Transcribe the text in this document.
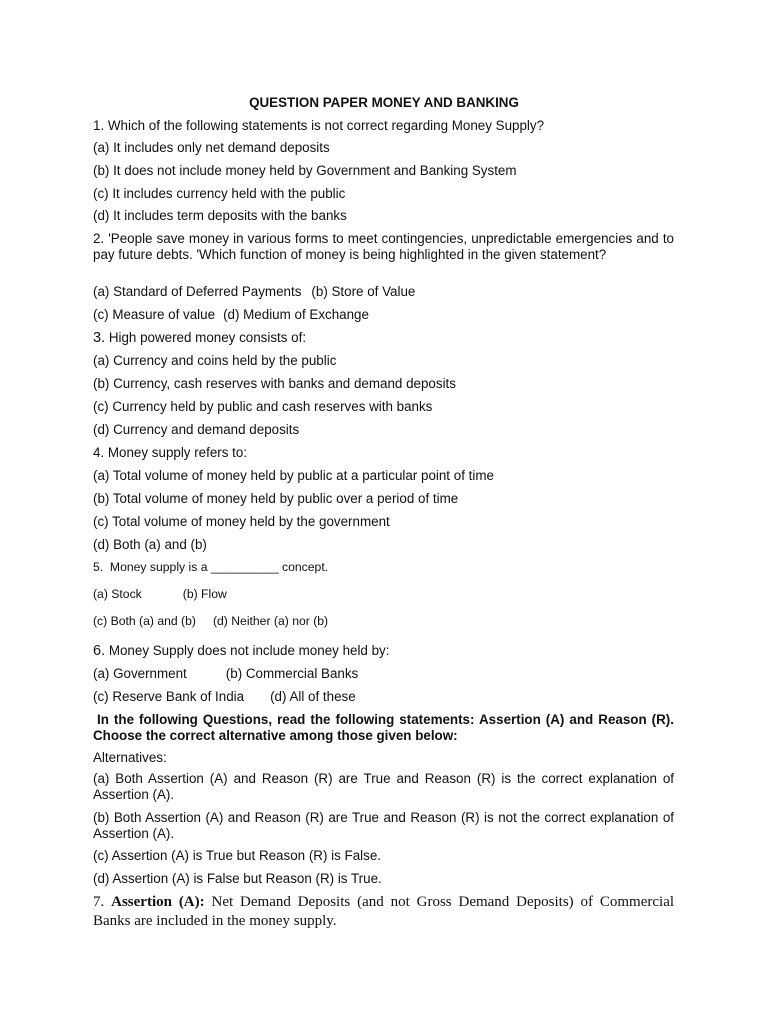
QUESTION PAPER MONEY AND BANKING

1. Which of the following statements is not correct regarding Money Supply?

(a) It includes only net demand deposits

(b) It does not include money held by Government and Banking System

(c) It includes currency held with the public

(d) It includes term deposits with the banks

2. 'People save money in various forms to meet contingencies, unpredictable emergencies and to pay future debts. 'Which function of money is being highlighted in the given statement?

(a) Standard of Deferred Payments (b) Store of Value

(c) Measure of value (d) Medium of Exchange

3. High powered money consists of:

(a) Currency and coins held by the public

(b) Currency, cash reserves with banks and demand deposits

(c) Currency held by public and cash reserves with banks

(d) Currency and demand deposits

4. Money supply refers to:

(a) Total volume of money held by public at a particular point of time

(b) Total volume of money held by public over a period of time

(c) Total volume of money held by the government

(d) Both (a) and (b)

5.  Money supply is a __________ concept.

(a) Stock	(b) Flow

(c) Both (a) and (b) (d) Neither (a) nor (b)

6. Money Supply does not include money held by:

(a) Government	(b) Commercial Banks

(c) Reserve Bank of India (d) All of these

In the following Questions, read the following statements: Assertion (A) and Reason (R). Choose the correct alternative among those given below:

Alternatives:

(a) Both Assertion (A) and Reason (R) are True and Reason (R) is the correct explanation of Assertion (A).

(b) Both Assertion (A) and Reason (R) are True and Reason (R) is not the correct explanation of Assertion (A).

(c) Assertion (A) is True but Reason (R) is False.

(d) Assertion (A) is False but Reason (R) is True.

7. Assertion (A): Net Demand Deposits (and not Gross Demand Deposits) of Commercial Banks are included in the money supply.
